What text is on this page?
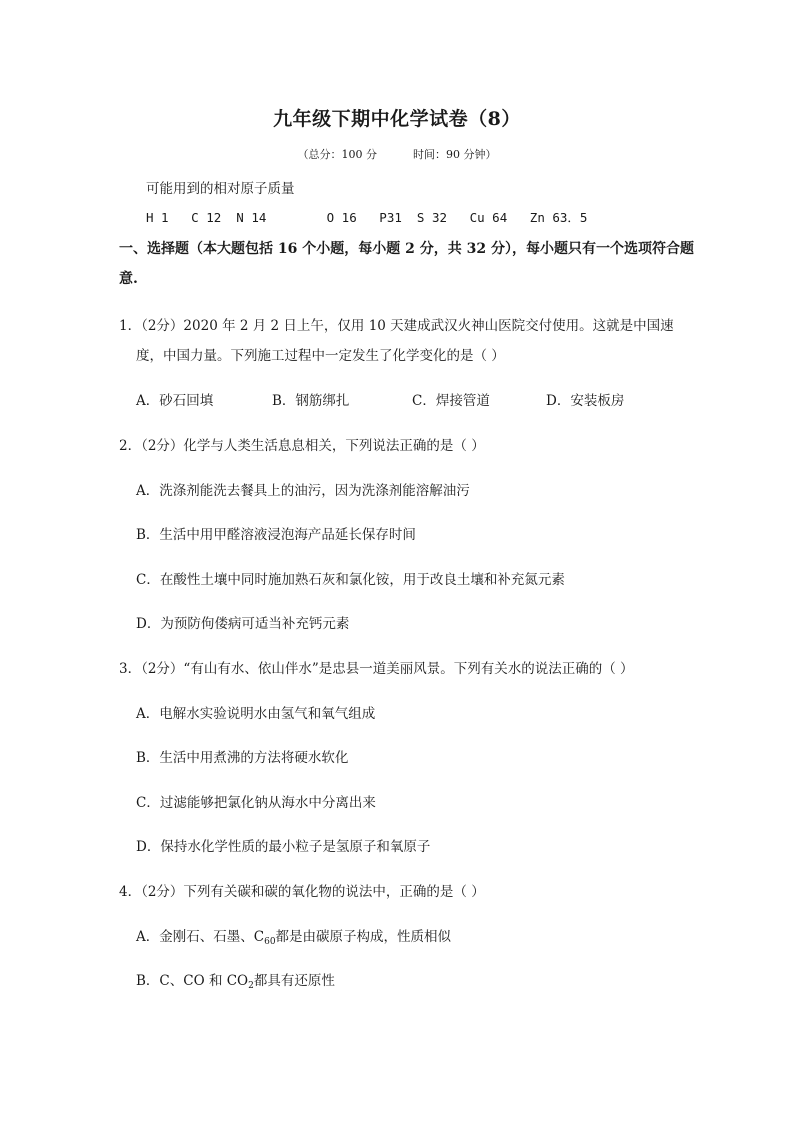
九年级下期中化学试卷（8）
（总分：100 分	时间：90 分钟）
可能用到的相对原子质量
H 1   C 12  N 14        O 16   P31  S 32   Cu 64   Zn 63．5
一、选择题（本大题包括 16 个小题，每小题 2 分，共 32 分），每小题只有一个选项符合题
意.
1．（2分）2020 年 2 月 2 日上午，仅用 10 天建成武汉火神山医院交付使用。这就是中国速
度，中国力量。下列施工过程中一定发生了化学变化的是（ ）
A．砂石回填	B．钢筋绑扎	C．焊接管道	D．安装板房
2．（2分）化学与人类生活息息相关，下列说法正确的是（ ）
A．洗涤剂能洗去餐具上的油污，因为洗涤剂能溶解油污
B．生活中用甲醛溶液浸泡海产品延长保存时间
C．在酸性土壤中同时施加熟石灰和氯化铵，用于改良土壤和补充氮元素
D．为预防佝偻病可适当补充钙元素
3．（2分）“有山有水、依山伴水”是忠县一道美丽风景。下列有关水的说法正确的（ ）
A．电解水实验说明水由氢气和氧气组成
B．生活中用煮沸的方法将硬水软化
C．过滤能够把氯化钠从海水中分离出来
D．保持水化学性质的最小粒子是氢原子和氧原子
4．（2分）下列有关碳和碳的氧化物的说法中，正确的是（ ）
A．金刚石、石墨、$C_{60}$都是由碳原子构成，性质相似
B．C、CO 和 $CO_2$都具有还原性
